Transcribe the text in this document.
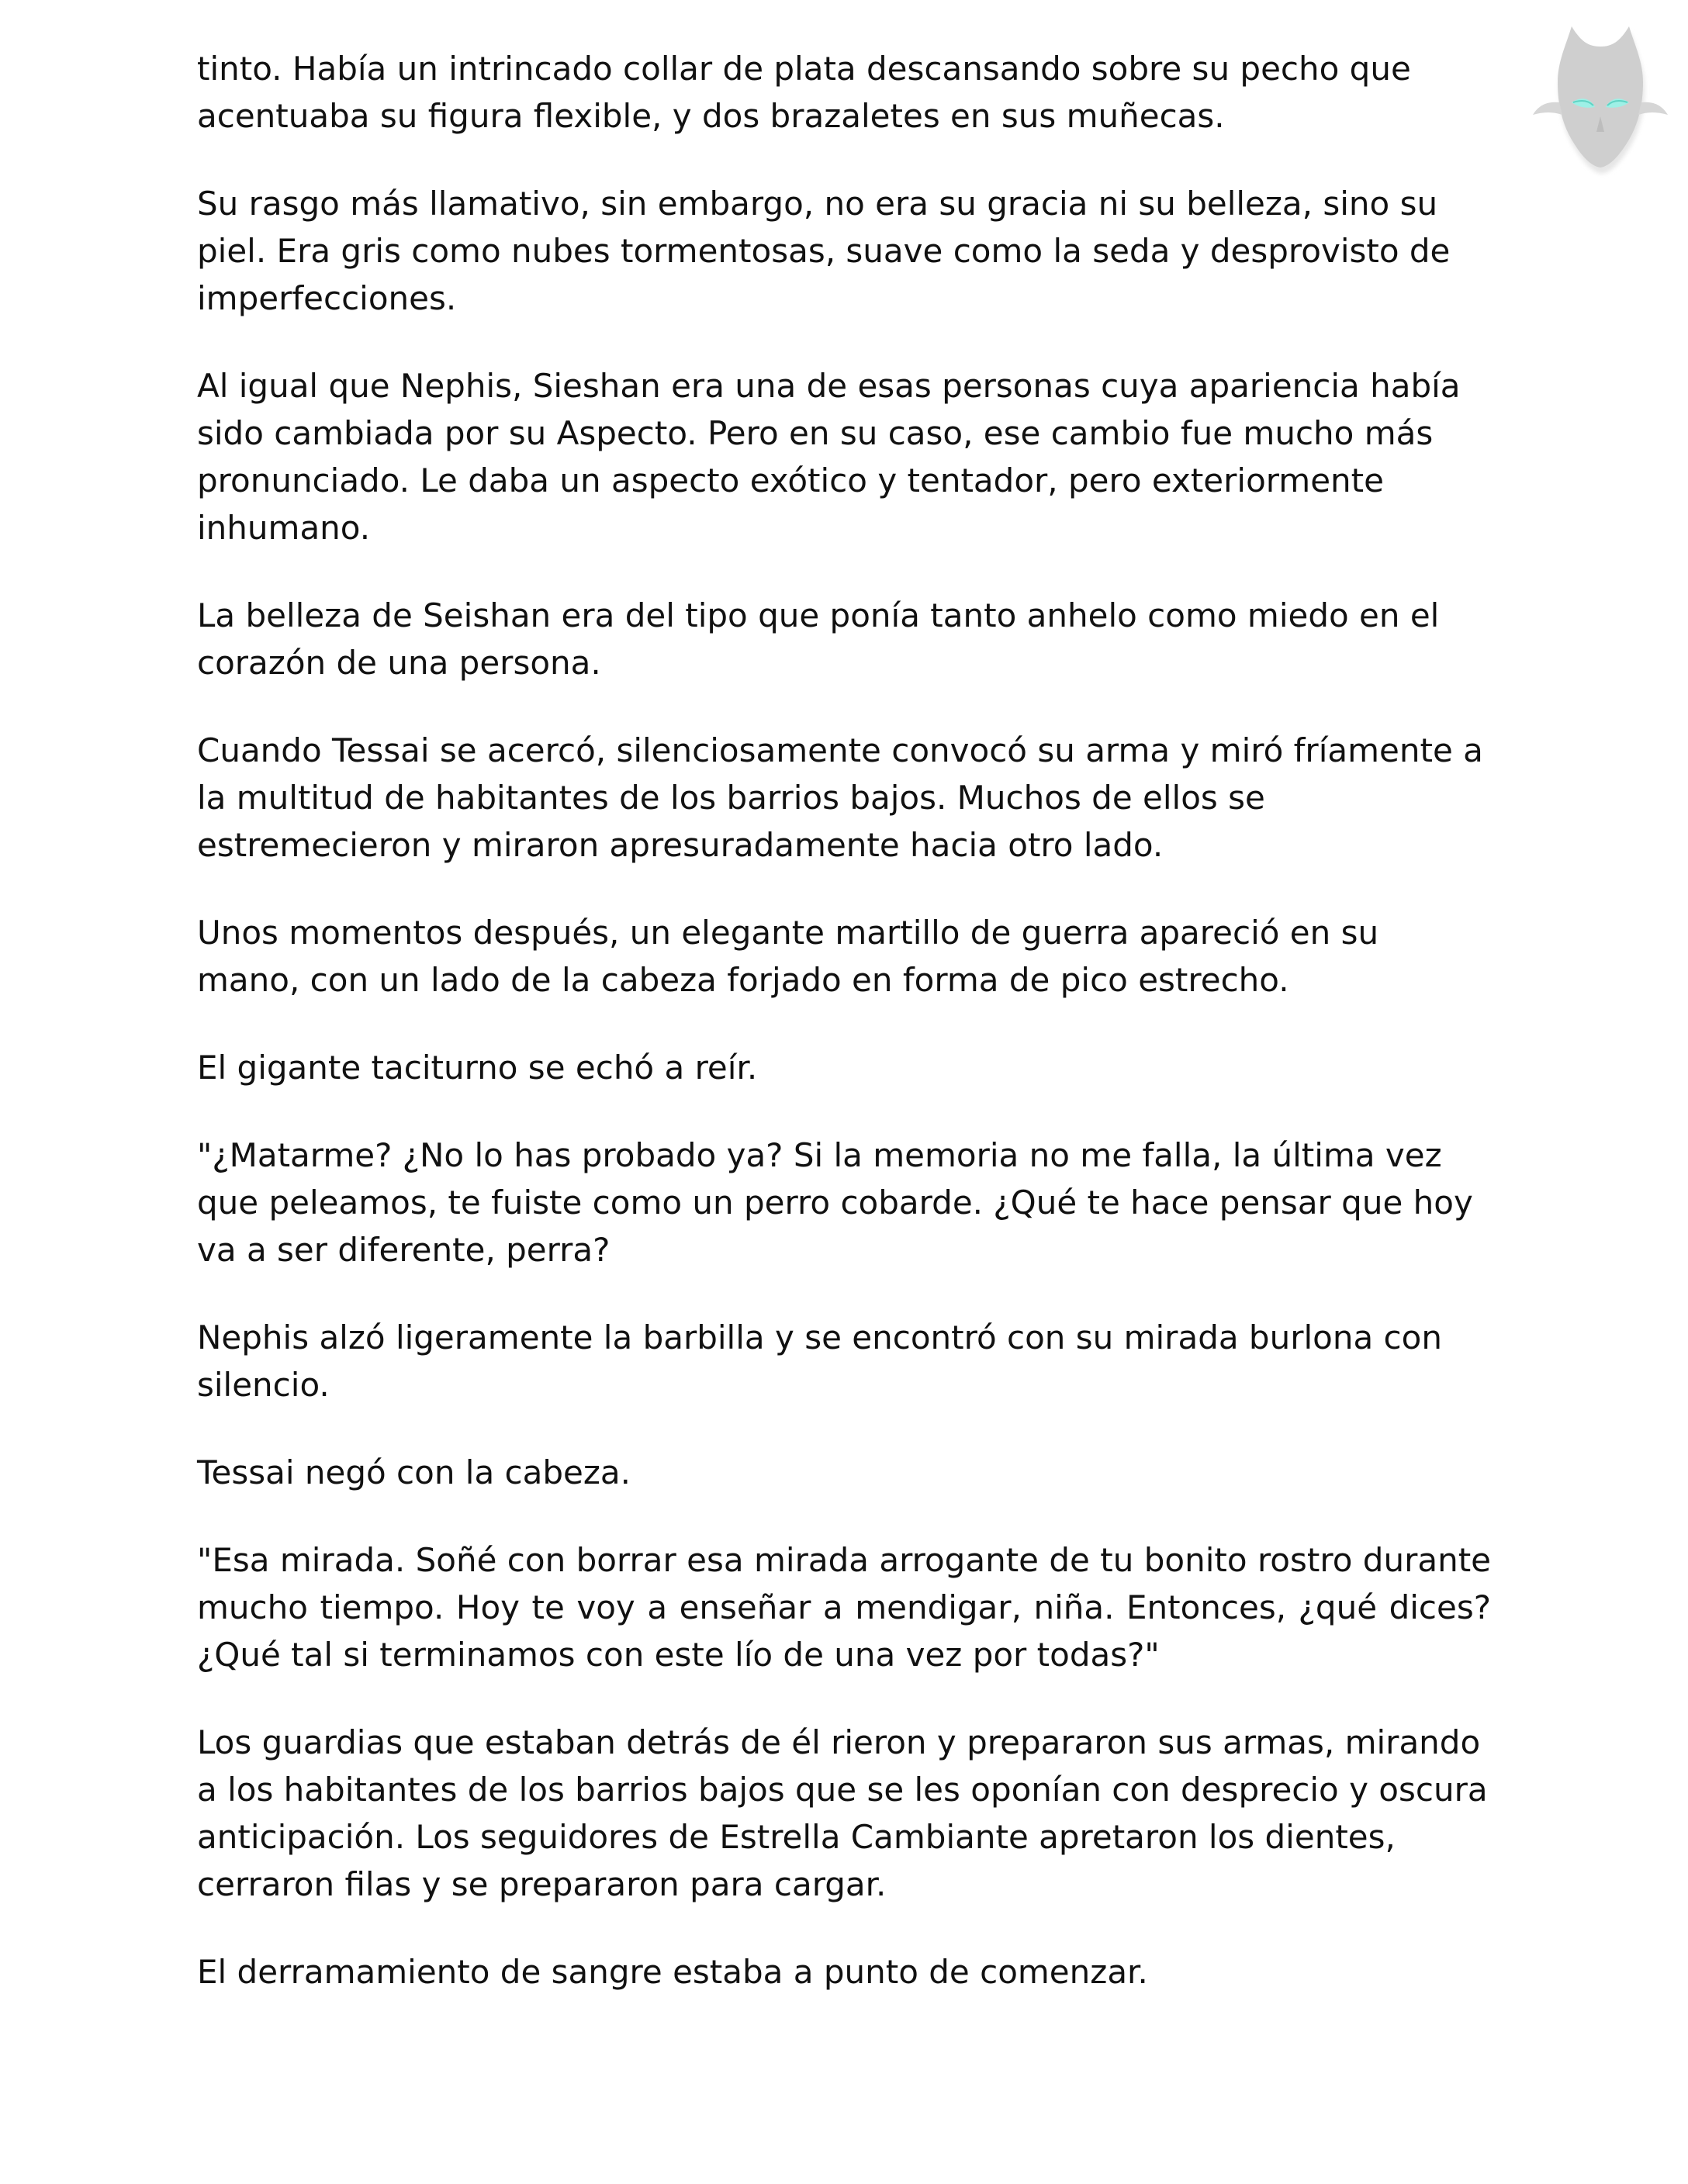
tinto. Había un intrincado collar de plata descansando sobre su pecho que acentuaba su figura flexible, y dos brazaletes en sus muñecas.

Su rasgo más llamativo, sin embargo, no era su gracia ni su belleza, sino su piel. Era gris como nubes tormentosas, suave como la seda y desprovisto de imperfecciones.

Al igual que Nephis, Sieshan era una de esas personas cuya apariencia había sido cambiada por su Aspecto. Pero en su caso, ese cambio fue mucho más pronunciado. Le daba un aspecto exótico y tentador, pero exteriormente inhumano.

La belleza de Seishan era del tipo que ponía tanto anhelo como miedo en el corazón de una persona.

Cuando Tessai se acercó, silenciosamente convocó su arma y miró fríamente a la multitud de habitantes de los barrios bajos. Muchos de ellos se estremecieron y miraron apresuradamente hacia otro lado.

Unos momentos después, un elegante martillo de guerra apareció en su mano, con un lado de la cabeza forjado en forma de pico estrecho.

El gigante taciturno se echó a reír.

"¿Matarme? ¿No lo has probado ya? Si la memoria no me falla, la última vez que peleamos, te fuiste como un perro cobarde. ¿Qué te hace pensar que hoy va a ser diferente, perra?

Nephis alzó ligeramente la barbilla y se encontró con su mirada burlona con silencio.

Tessai negó con la cabeza.

"Esa mirada. Soñé con borrar esa mirada arrogante de tu bonito rostro durante mucho tiempo. Hoy te voy a enseñar a mendigar, niña. Entonces, ¿qué dices? ¿Qué tal si terminamos con este lío de una vez por todas?"

Los guardias que estaban detrás de él rieron y prepararon sus armas, mirando a los habitantes de los barrios bajos que se les oponían con desprecio y oscura anticipación. Los seguidores de Estrella Cambiante apretaron los dientes, cerraron filas y se prepararon para cargar.

El derramamiento de sangre estaba a punto de comenzar.
